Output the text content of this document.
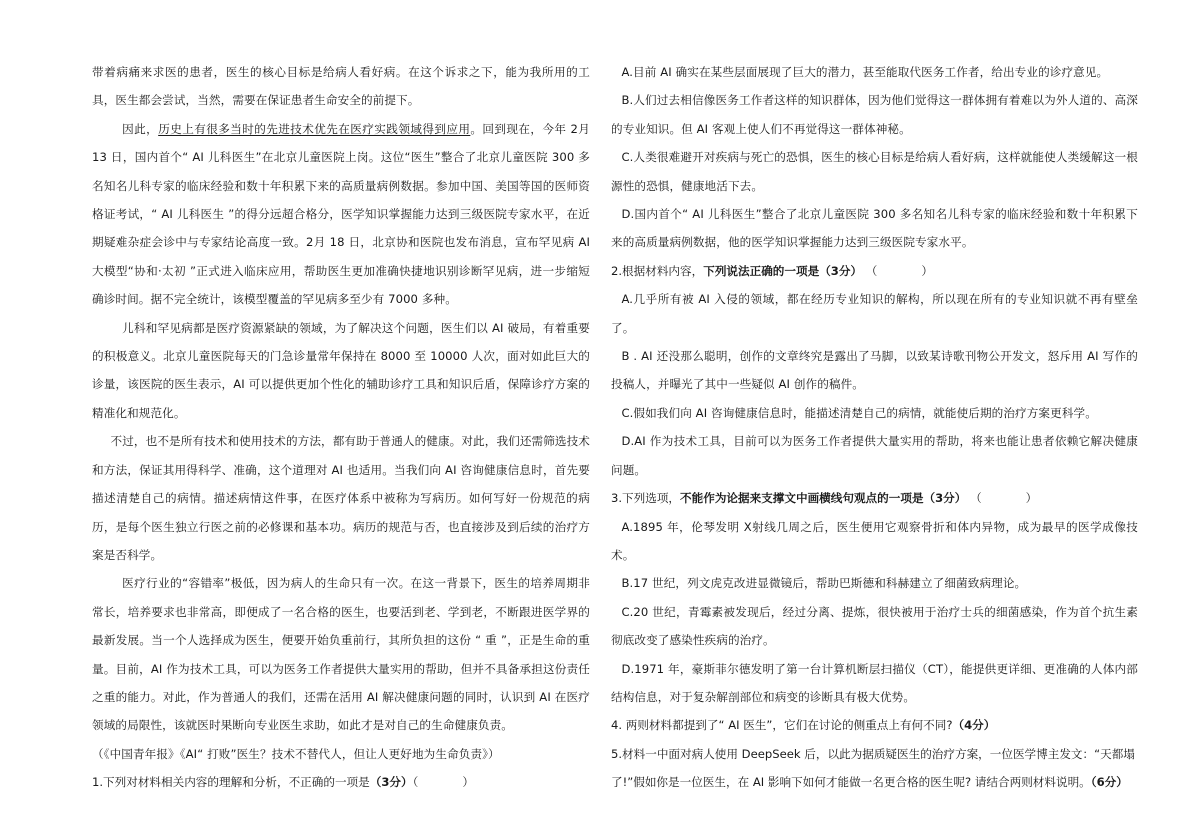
带着病痛来求医的患者，医生的核心目标是给病人看好病。在这个诉求之下，能为我所用的工具，医生都会尝试，当然，需要在保证患者生命安全的前提下。

因此，历史上有很多当时的先进技术优先在医疗实践领域得到应用。回到现在，今年 2月 13 日，国内首个“ AI 儿科医生”在北京儿童医院上岗。这位“医生”整合了北京儿童医院 300 多名知名儿科专家的临床经验和数十年积累下来的高质量病例数据。参加中国、美国等国的医师资格证考试，“ AI 儿科医生 ”的得分远超合格分，医学知识掌握能力达到三级医院专家水平，在近期疑难杂症会诊中与专家结论高度一致。2月 18 日，北京协和医院也发布消息，宣布罕见病 AI 大模型“协和·太初 ”正式进入临床应用，帮助医生更加准确快捷地识别诊断罕见病，进一步缩短确诊时间。据不完全统计，该模型覆盖的罕见病多至少有 7000 多种。

儿科和罕见病都是医疗资源紧缺的领域，为了解决这个问题，医生们以 AI 破局，有着重要的积极意义。北京儿童医院每天的门急诊量常年保持在 8000 至 10000 人次，面对如此巨大的诊量，该医院的医生表示，AI 可以提供更加个性化的辅助诊疗工具和知识后盾，保障诊疗方案的精准化和规范化。

不过，也不是所有技术和使用技术的方法，都有助于普通人的健康。对此，我们还需筛选技术和方法，保证其用得科学、准确，这个道理对 AI 也适用。当我们向 AI 咨询健康信息时，首先要描述清楚自己的病情。描述病情这件事，在医疗体系中被称为写病历。如何写好一份规范的病历，是每个医生独立行医之前的必修课和基本功。病历的规范与否，也直接涉及到后续的治疗方案是否科学。

医疗行业的“容错率”极低，因为病人的生命只有一次。在这一背景下，医生的培养周期非常长，培养要求也非常高，即便成了一名合格的医生，也要活到老、学到老，不断跟进医学界的最新发展。当一个人选择成为医生，便要开始负重前行，其所负担的这份 “ 重 ”，正是生命的重量。目前，AI 作为技术工具，可以为医务工作者提供大量实用的帮助，但并不具备承担这份责任之重的能力。对此，作为普通人的我们，还需在活用 AI 解决健康问题的同时，认识到 AI 在医疗领域的局限性，该就医时果断向专业医生求助，如此才是对自己的生命健康负责。

（《中国青年报》《AI“ 打败”医生？技术不替代人，但让人更好地为生命负责》）

1.下列对材料相关内容的理解和分析，不正确的一项是（3分）（	）

A.目前 AI 确实在某些层面展现了巨大的潜力，甚至能取代医务工作者，给出专业的诊疗意见。

B.人们过去相信像医务工作者这样的知识群体，因为他们觉得这一群体拥有着难以为外人道的、高深的专业知识。但 AI 客观上使人们不再觉得这一群体神秘。

C.人类很难避开对疾病与死亡的恐惧，医生的核心目标是给病人看好病，这样就能使人类缓解这一根源性的恐惧，健康地活下去。

D.国内首个“ AI 儿科医生”整合了北京儿童医院 300 多名知名儿科专家的临床经验和数十年积累下来的高质量病例数据，他的医学知识掌握能力达到三级医院专家水平。

2.根据材料内容，下列说法正确的一项是（3分） （	）

A.几乎所有被 AI 入侵的领域，都在经历专业知识的解构，所以现在所有的专业知识就不再有壁垒了。

B . AI 还没那么聪明，创作的文章终究是露出了马脚，以致某诗歌刊物公开发文，怒斥用 AI 写作的投稿人，并曝光了其中一些疑似 AI 创作的稿件。

C.假如我们向 AI 咨询健康信息时，能描述清楚自己的病情，就能使后期的治疗方案更科学。

D.AI 作为技术工具，目前可以为医务工作者提供大量实用的帮助，将来也能让患者依赖它解决健康问题。

3.下列选项，不能作为论据来支撑文中画横线句观点的一项是（3分） （	）

A.1895 年，伦琴发明 X射线几周之后，医生便用它观察骨折和体内异物，成为最早的医学成像技术。

B.17 世纪，列文虎克改进显微镜后，帮助巴斯德和科赫建立了细菌致病理论。

C.20 世纪，青霉素被发现后，经过分离、提炼，很快被用于治疗士兵的细菌感染，作为首个抗生素彻底改变了感染性疾病的治疗。

D.1971 年，豪斯菲尔德发明了第一台计算机断层扫描仪（CT），能提供更详细、更准确的人体内部结构信息，对于复杂解剖部位和病变的诊断具有极大优势。

4. 两则材料都提到了“ AI 医生”，它们在讨论的侧重点上有何不同?（4分）

5.材料一中面对病人使用 DeepSeek 后，以此为据质疑医生的治疗方案，一位医学博主发文：“天都塌了!”假如你是一位医生，在 AI 影响下如何才能做一名更合格的医生呢? 请结合两则材料说明。（6分）
